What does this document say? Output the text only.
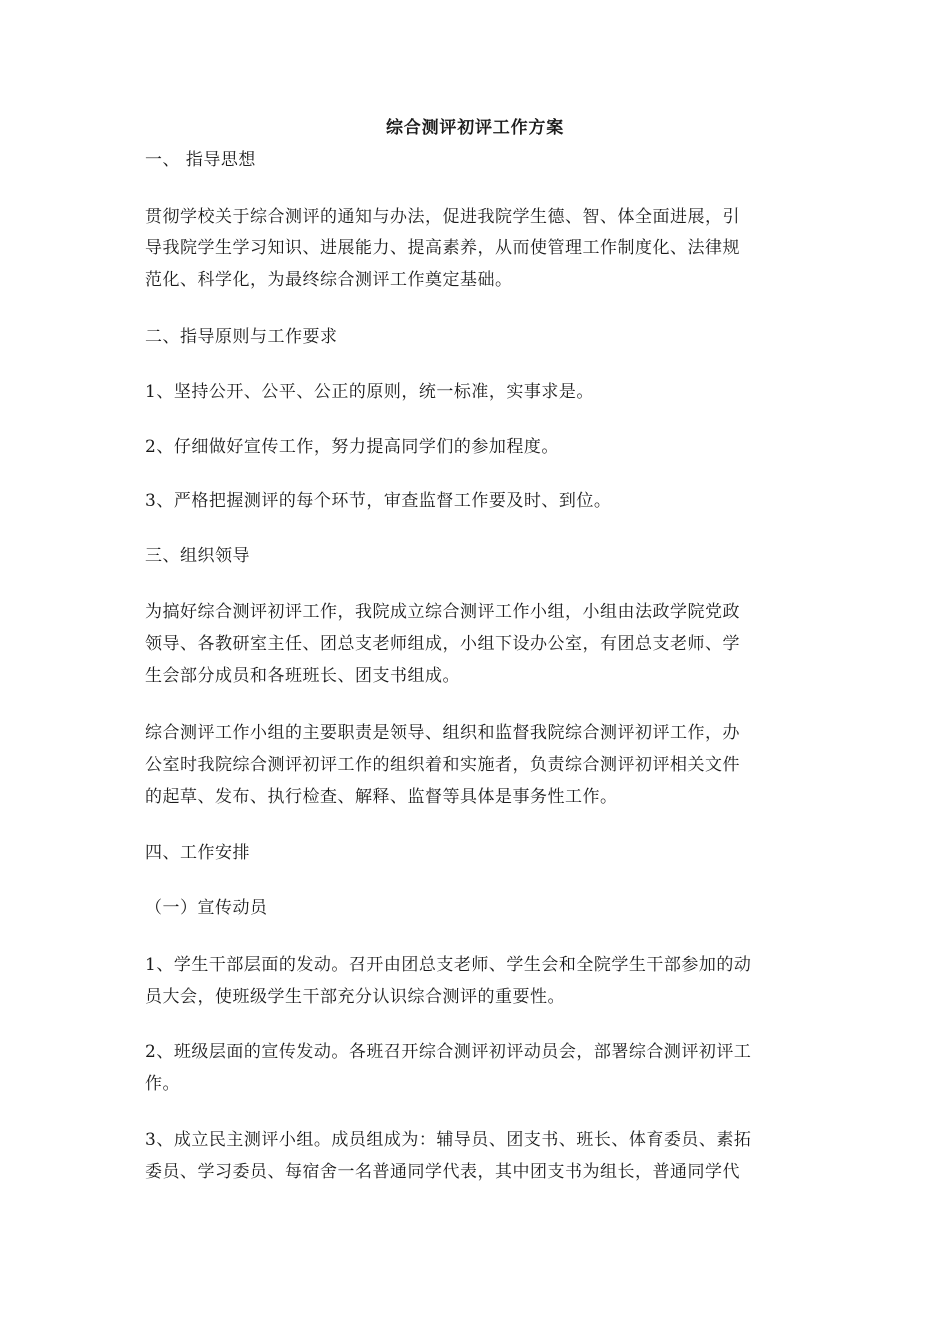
综合测评初评工作方案
一、 指导思想
贯彻学校关于综合测评的通知与办法，促进我院学生德、智、体全面进展，引
导我院学生学习知识、进展能力、提高素养，从而使管理工作制度化、法律规
范化、科学化，为最终综合测评工作奠定基础。
二、指导原则与工作要求
1、坚持公开、公平、公正的原则，统一标准，实事求是。
2、仔细做好宣传工作，努力提高同学们的参加程度。
3、严格把握测评的每个环节，审查监督工作要及时、到位。
三、组织领导
为搞好综合测评初评工作，我院成立综合测评工作小组，小组由法政学院党政
领导、各教研室主任、团总支老师组成，小组下设办公室，有团总支老师、学
生会部分成员和各班班长、团支书组成。
综合测评工作小组的主要职责是领导、组织和监督我院综合测评初评工作，办
公室时我院综合测评初评工作的组织着和实施者，负责综合测评初评相关文件
的起草、发布、执行检查、解释、监督等具体是事务性工作。
四、工作安排
（一）宣传动员
1、学生干部层面的发动。召开由团总支老师、学生会和全院学生干部参加的动
员大会，使班级学生干部充分认识综合测评的重要性。
2、班级层面的宣传发动。各班召开综合测评初评动员会，部署综合测评初评工
作。
3、成立民主测评小组。成员组成为：辅导员、团支书、班长、体育委员、素拓
委员、学习委员、每宿舍一名普通同学代表，其中团支书为组长，普通同学代
